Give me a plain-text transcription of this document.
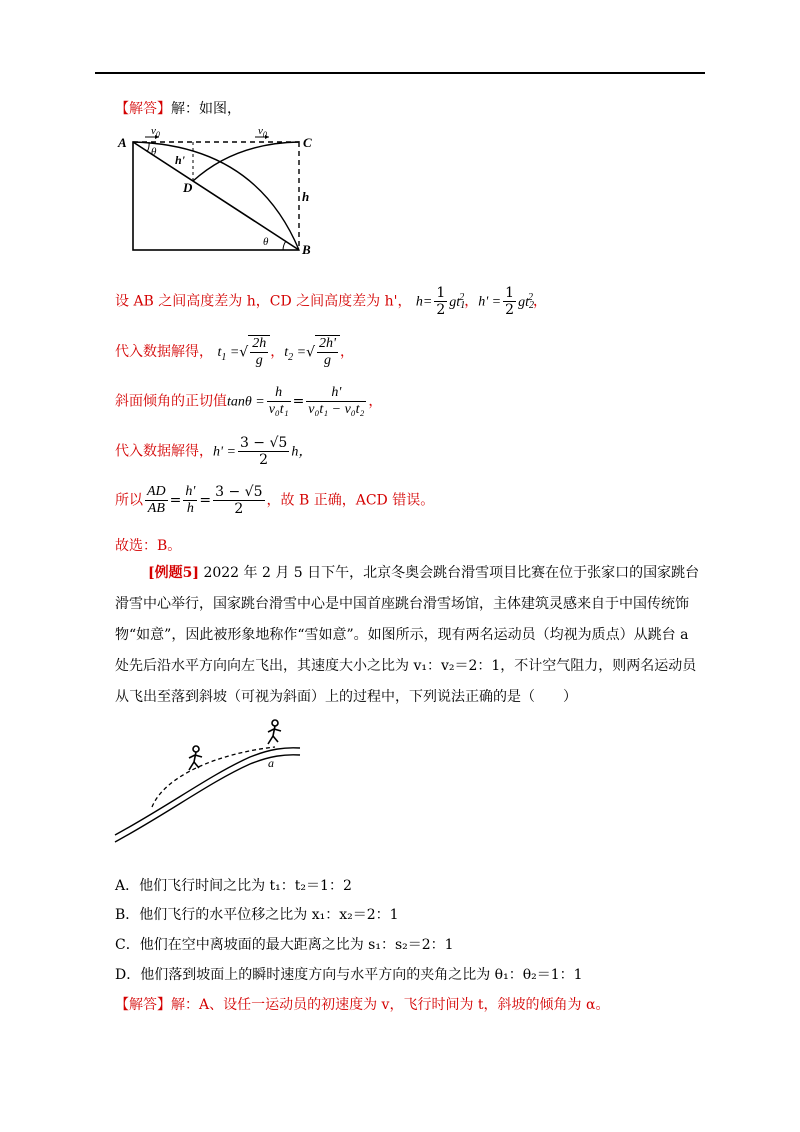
【解答】解：如图，
A	C
B
D
$v_0$	$v_0$
h'
h
θ
θ
设 AB 之间高度差为 h，CD 之间高度差为 h'， $h= \frac{1}{2} gt_1^2$，$h' = \frac{1}{2} gt_2^2$，
代入数据解得， $t_1$ =√ $\frac{2h}{g}$ ，$t_2$ =√ $\frac{2h'}{g}$ ，
斜面倾角的正切值$\tan\theta = \frac{h}{\text{v₀t₁}} = \frac{h'}{\text{v₀t₁ − v₀t₂}}$ ，
代入数据解得，$h' = \frac{3 - √5}{2}$ h，
所以 $\frac{AD}{AB} = \frac{h'}{h} = \frac{3 - √5}{2}$ ，故 B 正确，ACD 错误。
故选：B。
[例题5] 2022 年 2 月 5 日下午，北京冬奥会跳台滑雪项目比赛在位于张家口的国家跳台滑雪中心举行，国家跳台滑雪中心是中国首座跳台滑雪场馆，主体建筑灵感来自于中国传统饰物“如意”，因此被形象地称作“雪如意”。如图所示，现有两名运动员（均视为质点）从跳台 a 处先后沿水平方向向左飞出，其速度大小之比为 v₁：v₂＝2：1，不计空气阻力，则两名运动员从飞出至落到斜坡（可视为斜面）上的过程中，下列说法正确的是（　　）
a
A．他们飞行时间之比为 t₁：t₂＝1：2
B．他们飞行的水平位移之比为 x₁：x₂＝2：1
C．他们在空中离坡面的最大距离之比为 s₁：s₂＝2：1
D．他们落到坡面上的瞬时速度方向与水平方向的夹角之比为 θ₁：θ₂＝1：1
【解答】解：A、设任一运动员的初速度为 v，飞行时间为 t，斜坡的倾角为 α。
